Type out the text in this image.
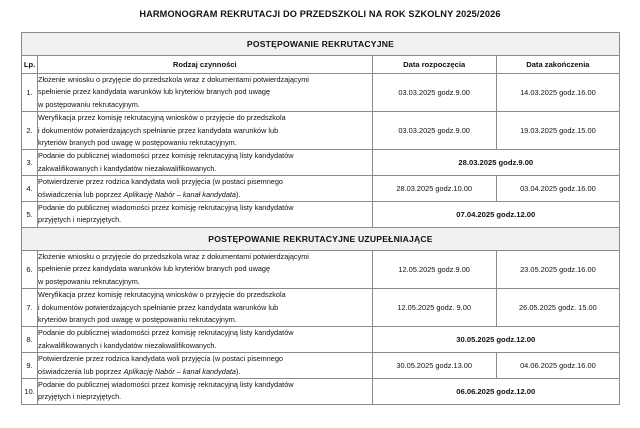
HARMONOGRAM REKRUTACJI DO PRZEDSZKOLI NA ROK SZKOLNY 2025/2026
POSTĘPOWANIE REKRUTACYJNE			
Lp.	Rodzaj czynności	Data rozpoczęcia	Data zakończenia
1.	Złożenie wniosku o przyjęcie do przedszkola wraz z dokumentami potwierdzającymi
spełnienie przez kandydata warunków lub kryteriów branych pod uwagę
w postępowaniu rekrutacyjnym.	03.03.2025 godz.9.00	14.03.2025 godz.16.00
2.	Weryfikacja przez komisję rekrutacyjną wniosków o przyjęcie do przedszkola
i dokumentów potwierdzających spełnianie przez kandydata warunków lub
kryteriów branych pod uwagę w postępowaniu rekrutacyjnym.	03.03.2025 godz.9.00	19.03.2025 godz.15.00
3.	Podanie do publicznej wiadomości przez komisję rekrutacyjną listy kandydatów
zakwalifikowanych i kandydatów niezakwalifikowanych.	28.03.2025 godz.9.00	
4.	Potwierdzenie przez rodzica kandydata woli przyjęcia (w postaci pisemnego
oświadczenia lub poprzez Aplikację Nabór – kanał kandydata).	28.03.2025 godz.10.00	03.04.2025 godz.16.00
5.	Podanie do publicznej wiadomości przez komisję rekrutacyjną listy kandydatów
przyjętych i nieprzyjętych.	07.04.2025 godz.12.00	
POSTĘPOWANIE REKRUTACYJNE UZUPEŁNIAJĄCE			
6.	Złożenie wniosku o przyjęcie do przedszkola wraz z dokumentami potwierdzającymi
spełnienie przez kandydata warunków lub kryteriów branych pod uwagę
w postępowaniu rekrutacyjnym.	12.05.2025 godz.9.00	23.05.2025 godz.16.00
7.	Weryfikacja przez komisję rekrutacyjną wniosków o przyjęcie do przedszkola
i dokumentów potwierdzających spełnianie przez kandydata warunków lub
kryteriów branych pod uwagę w postępowaniu rekrutacyjnym.	12.05.2025 godz. 9.00	26.05.2025 godz. 15.00
8.	Podanie do publicznej wiadomości przez komisję rekrutacyjną listy kandydatów
zakwalifikowanych i kandydatów niezakwalifikowanych.	30.05.2025 godz.12.00	
9.	Potwierdzenie przez rodzica kandydata woli przyjęcia (w postaci pisemnego
oświadczenia lub poprzez Aplikację Nabór – kanał kandydata).	30.05.2025 godz.13.00	04.06.2025 godz.16.00
10.	Podanie do publicznej wiadomości przez komisję rekrutacyjną listy kandydatów
przyjętych i nieprzyjętych.	06.06.2025 godz.12.00	
